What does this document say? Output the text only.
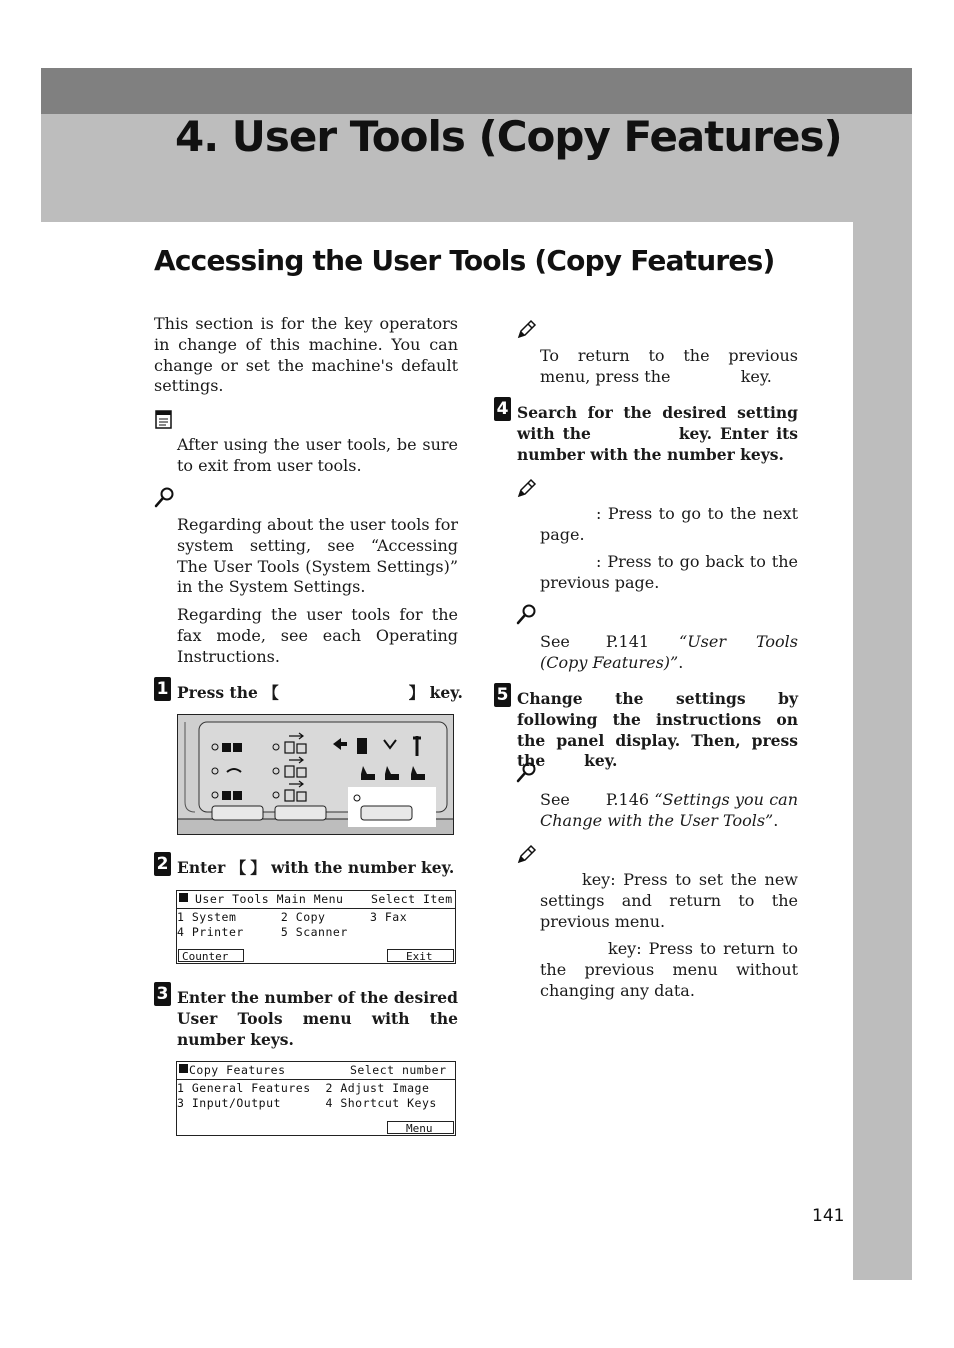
4. User Tools (Copy Features)
Accessing the User Tools (Copy Features)
This section is for the key operators in change of this machine. You can change or set the machine's default settings.
After using the user tools, be sure to exit from user tools.
Regarding about the user tools for system setting, see “Accessing The User Tools (System Settings)” in the System Settings.
Regarding the user tools for the fax mode, see each Operating Instructions.
1 Press the 【	】 key.
2 Enter 【 】 with the number key.

User Tools Main Menu

Select Item

1 System      2 Copy      3 Fax
4 Printer     5 Scanner
Counter	Exit
3 Enter the number of the desired User Tools menu with the number keys.

Copy Features

	Select number

1 General Features  2 Adjust Image
3 Input/Output      4 Shortcut Keys
Menu
To return to the previous menu, press the	key.
4 Search for the desired setting with the	key. Enter its number with the number keys.
: Press to go to the next page.
: Press to go back to the previous page.
See P.141 “User Tools (Copy Features)”.
5 Change the settings by following the instructions on the panel display. Then, press the	key.
See P.146 “Settings you can Change with the User Tools”.
key: Press to set the new settings and return to the previous menu.
key: Press to return to the previous menu without changing any data.
141
